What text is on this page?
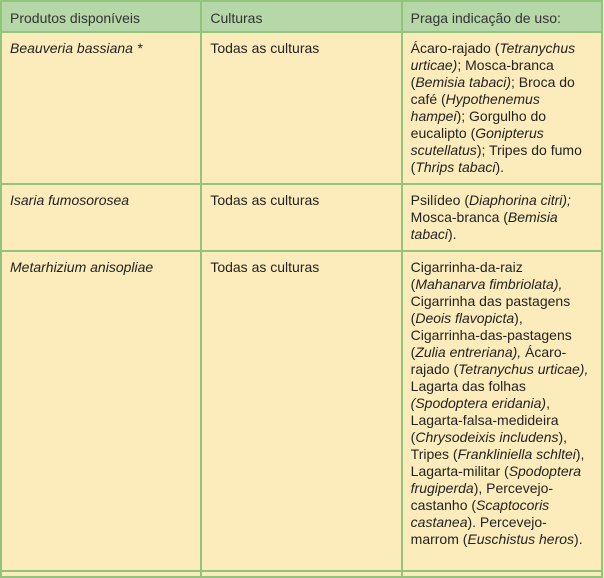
Produtos disponíveis	Culturas	Praga indicação de uso:
Beauveria bassiana *	Todas as culturas	Ácaro-rajado (Tetranychus urticae); Mosca-branca (Bemisia tabaci); Broca do café (Hypothenemus hampei); Gorgulho do eucalipto (Gonipterus scutellatus); Tripes do fumo (Thrips tabaci).
Isaria fumosorosea	Todas as culturas	Psilídeo (Diaphorina citri); Mosca-branca (Bemisia tabaci).
Metarhizium anisopliae	Todas as culturas	Cigarrinha-da-raiz (Mahanarva fimbriolata), Cigarrinha das pastagens (Deois flavopicta), Cigarrinha-das-pastagens (Zulia entreriana), Ácaro-rajado (Tetranychus urticae), Lagarta das folhas (Spodoptera eridania), Lagarta-falsa-medideira (Chrysodeixis includens), Tripes (Frankliniella schltei), Lagarta-militar (Spodoptera frugiperda), Percevejo-castanho (Scaptocoris castanea). Percevejo-marrom (Euschistus heros).
